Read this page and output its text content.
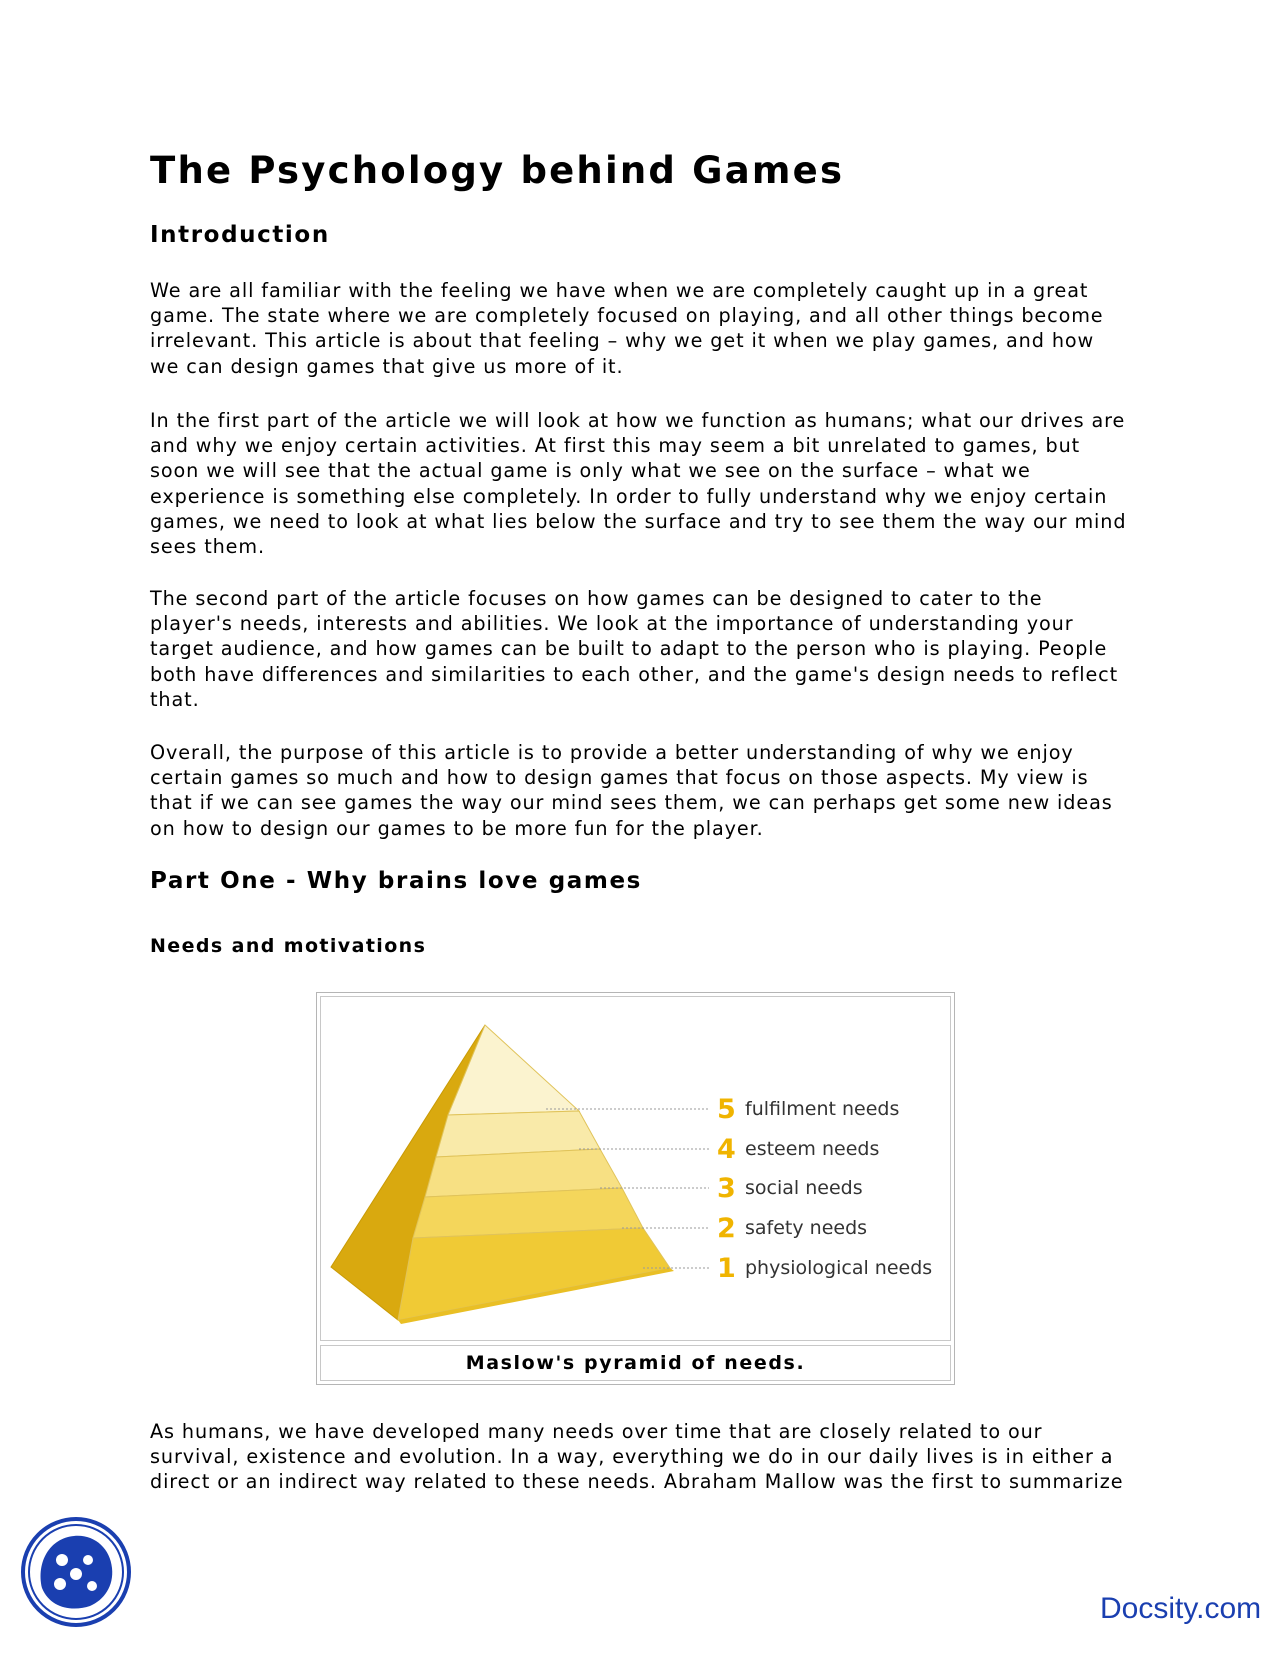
The Psychology behind Games
Introduction

We are all familiar with the feeling we have when we are completely caught up in a great game. The state where we are completely focused on playing, and all other things become irrelevant. This article is about that feeling – why we get it when we play games, and how we can design games that give us more of it.

In the first part of the article we will look at how we function as humans; what our drives are and why we enjoy certain activities. At first this may seem a bit unrelated to games, but soon we will see that the actual game is only what we see on the surface – what we experience is something else completely. In order to fully understand why we enjoy certain games, we need to look at what lies below the surface and try to see them the way our mind sees them.

The second part of the article focuses on how games can be designed to cater to the player's needs, interests and abilities. We look at the importance of understanding your target audience, and how games can be built to adapt to the person who is playing. People both have differences and similarities to each other, and the game's design needs to reflect that.

Overall, the purpose of this article is to provide a better understanding of why we enjoy certain games so much and how to design games that focus on those aspects. My view is that if we can see games the way our mind sees them, we can perhaps get some new ideas on how to design our games to be more fun for the player.

Part One - Why brains love games
Needs and motivations
5 fulfilment needs
4 esteem needs
3 social needs
2 safety needs
1 physiological needs
Maslow's pyramid of needs.

As humans, we have developed many needs over time that are closely related to our survival, existence and evolution. In a way, everything we do in our daily lives is in either a direct or an indirect way related to these needs. Abraham Mallow was the first to summarize

Docsity.com
